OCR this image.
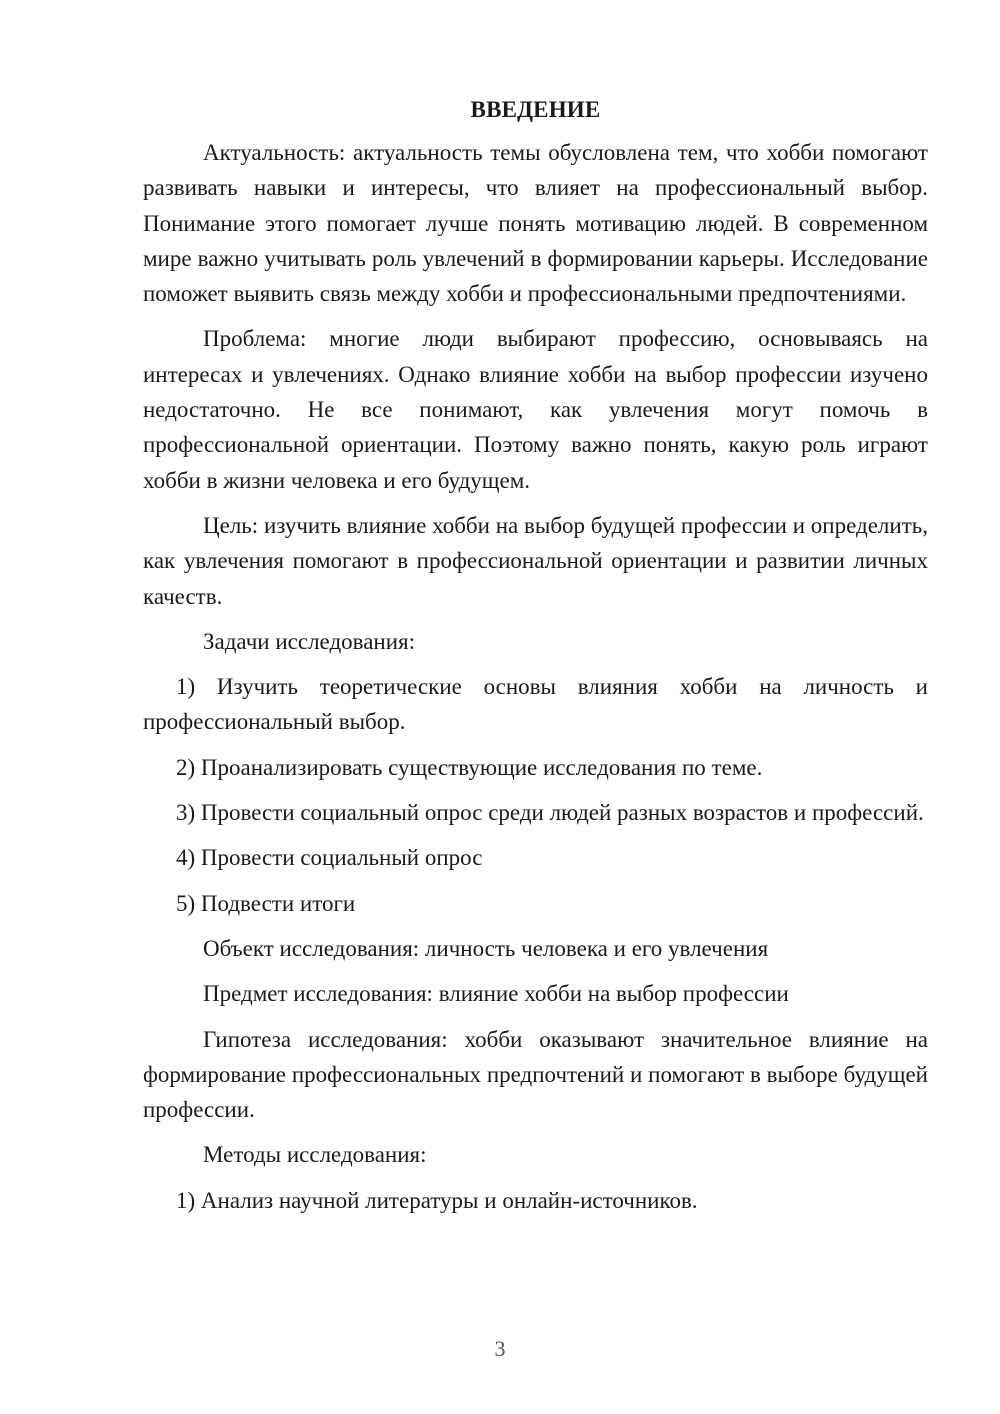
ВВЕДЕНИЕ
Актуальность: актуальность темы обусловлена тем, что хобби помогают развивать навыки и интересы, что влияет на профессиональный выбор. Понимание этого помогает лучше понять мотивацию людей. В современном мире важно учитывать роль увлечений в формировании карьеры. Исследование поможет выявить связь между хобби и профессиональными предпочтениями.
Проблема: многие люди выбирают профессию, основываясь на интересах и увлечениях. Однако влияние хобби на выбор профессии изучено недостаточно. Не все понимают, как увлечения могут помочь в профессиональной ориентации. Поэтому важно понять, какую роль играют хобби в жизни человека и его будущем.
Цель: изучить влияние хобби на выбор будущей профессии и определить, как увлечения помогают в профессиональной ориентации и развитии личных качеств.
Задачи исследования:
1) Изучить теоретические основы влияния хобби на личность и профессиональный выбор.
2) Проанализировать существующие исследования по теме.
3) Провести социальный опрос среди людей разных возрастов и профессий.
4) Провести социальный опрос
5) Подвести итоги
Объект исследования: личность человека и его увлечения
Предмет исследования: влияние хобби на выбор профессии
Гипотеза исследования: хобби оказывают значительное влияние на формирование профессиональных предпочтений и помогают в выборе будущей профессии.
Методы исследования:
1) Анализ научной литературы и онлайн-источников.
3
